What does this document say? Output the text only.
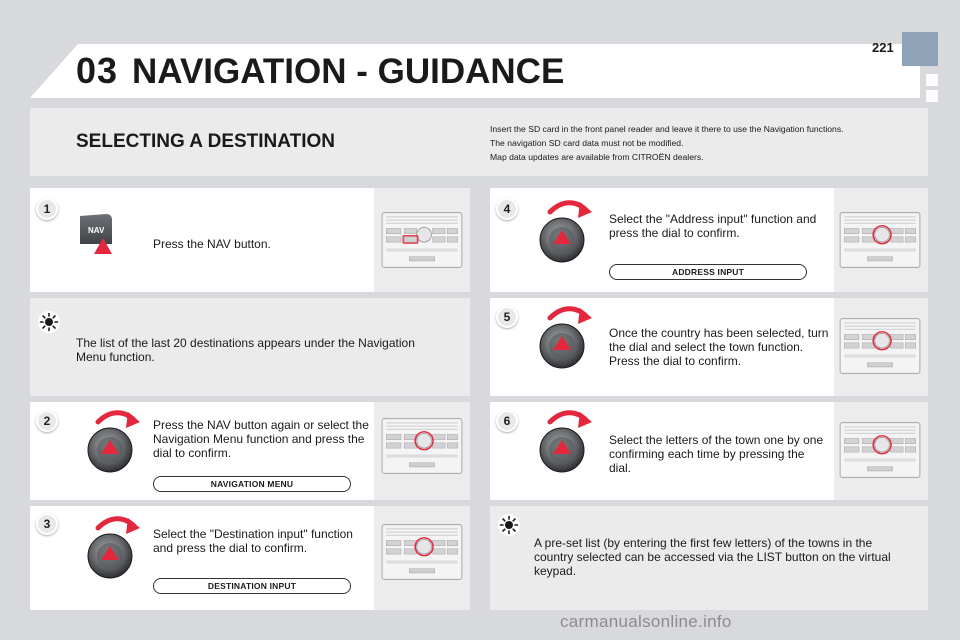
03 NAVIGATION - GUIDANCE
221
SELECTING A DESTINATION
Insert the SD card in the front panel reader and leave it there to use the Navigation functions.
The navigation SD card data must not be modified.
Map data updates are available from CITROËN dealers.
1
NAV
Press the NAV button.
The list of the last 20 destinations appears under the Navigation Menu function.
2	Press the NAV button again or select the Navigation Menu function and press the dial to confirm.
NAVIGATION MENU
3
Select the "Destination input" function and press the dial to confirm.
DESTINATION INPUT
4
Select the "Address input" function and press the dial to confirm.
ADDRESS INPUT
5
Once the country has been selected, turn the dial and select the town function. Press the dial to confirm.
6
Select the letters of the town one by one confirming each time by pressing the dial.
A pre-set list (by entering the first few letters) of the towns in the country selected can be accessed via the LIST button on the virtual keypad.
carmanualsonline.info
